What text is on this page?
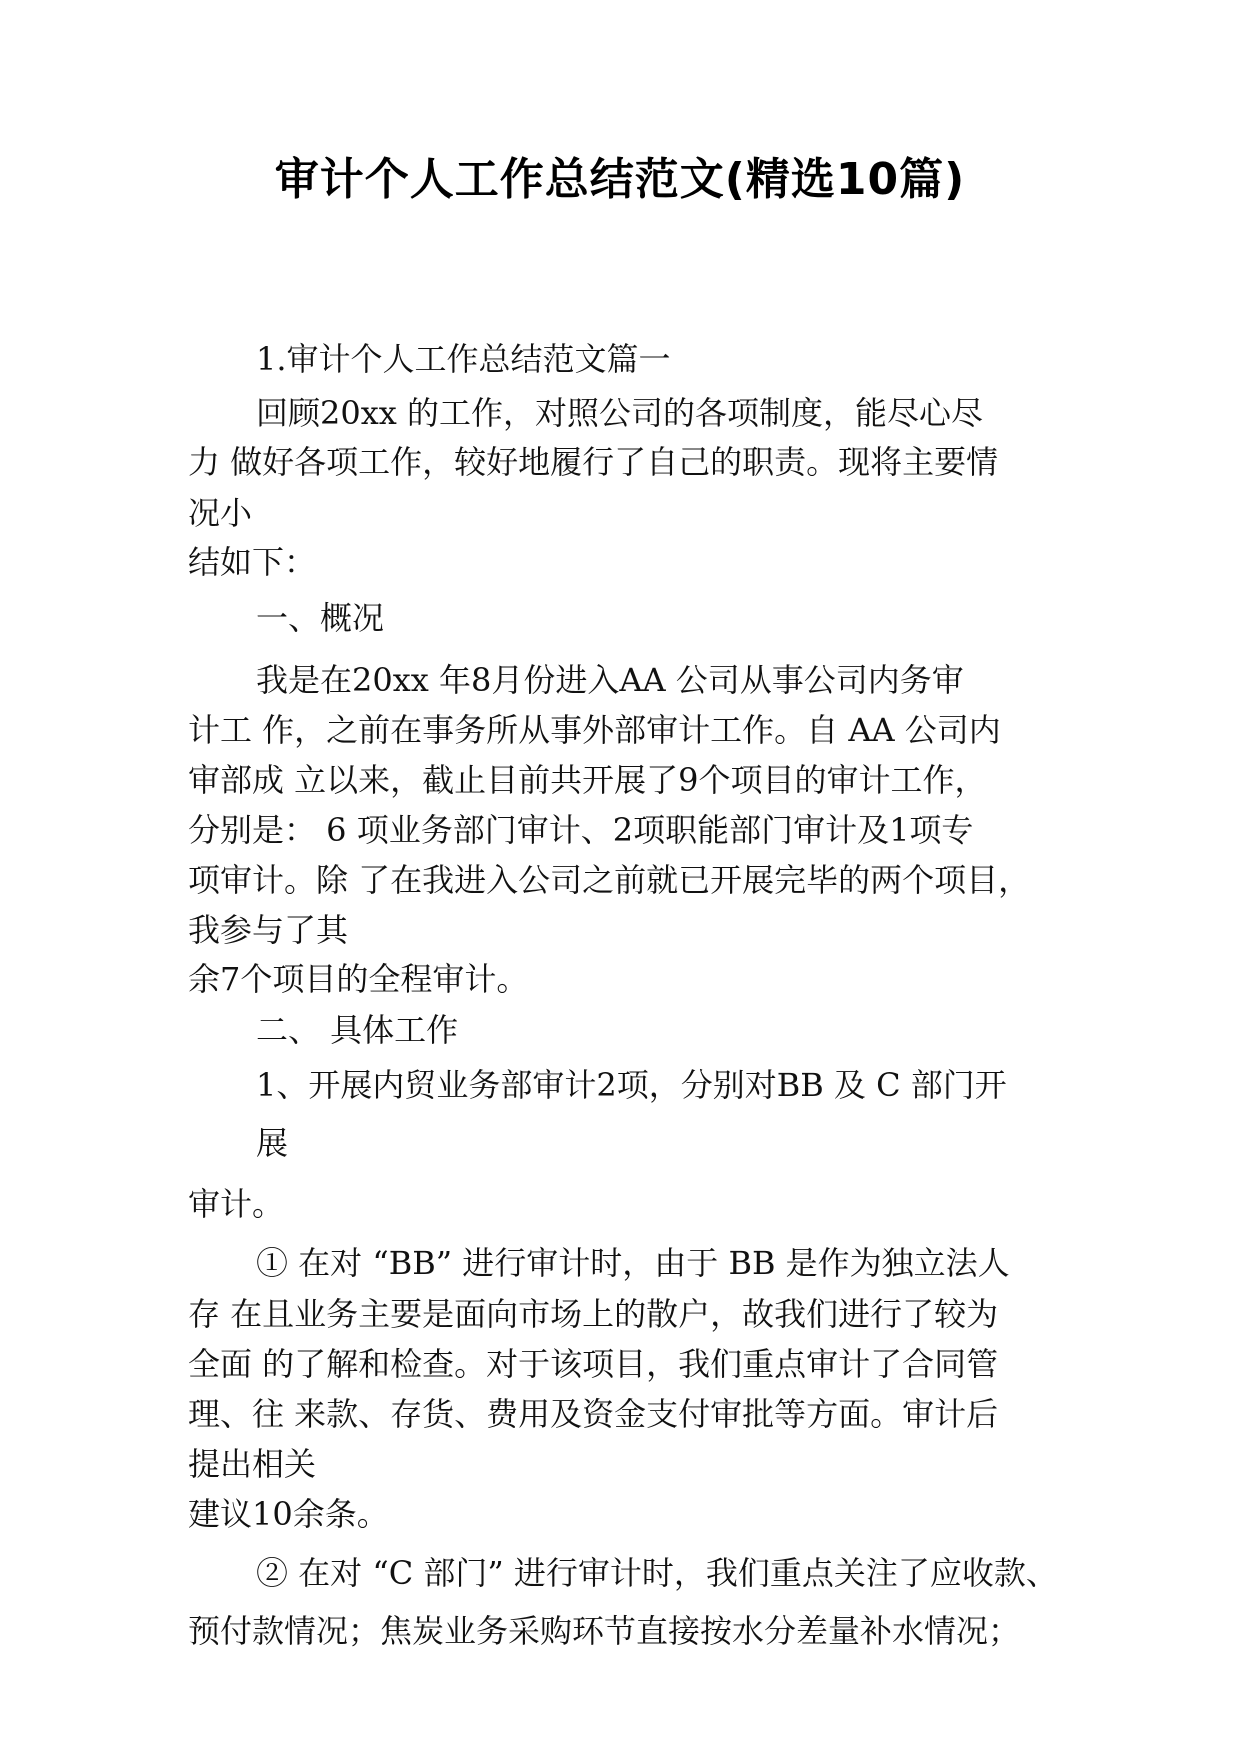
审计个人工作总结范文(精选10篇)
1.审计个人工作总结范文篇一
回顾20xx 的工作，对照公司的各项制度，能尽心尽
力 做好各项工作，较好地履行了自己的职责。现将主要情
况小
结如下：
一、概况
我是在20xx 年8月份进入AA 公司从事公司内务审
计工 作，之前在事务所从事外部审计工作。自 AA 公司内
审部成 立以来，截止目前共开展了9个项目的审计工作，
分别是： 6 项业务部门审计、2项职能部门审计及1项专
项审计。除 了在我进入公司之前就已开展完毕的两个项目，
我参与了其
余7个项目的全程审计。
二、 具体工作
1、开展内贸业务部审计2项，分别对BB 及 C 部门开
展
审计。
① 在对 “BB” 进行审计时，由于 BB 是作为独立法人
存 在且业务主要是面向市场上的散户，故我们进行了较为
全面 的了解和检查。对于该项目，我们重点审计了合同管
理、往 来款、存货、费用及资金支付审批等方面。审计后
提出相关
建议10余条。
② 在对 “C 部门” 进行审计时，我们重点关注了应收款、
预付款情况；焦炭业务采购环节直接按水分差量补水情况；
